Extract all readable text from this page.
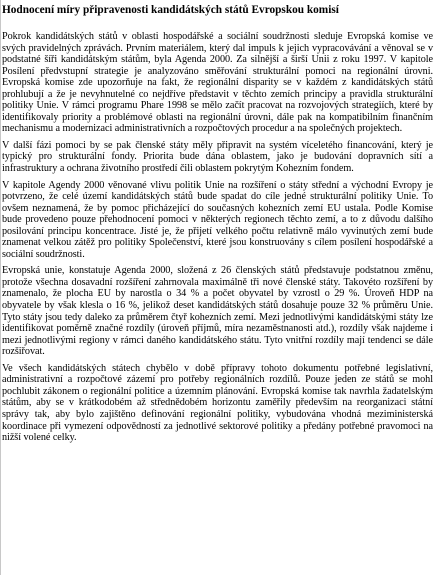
Hodnocení míry připravenosti kandidátských států Evropskou komisí

Pokrok kandidátských států v oblasti hospodářské a sociální soudržnosti sleduje Evropská komise ve svých pravidelných zprávách. Prvním materiálem, který dal impuls k jejich vypracovávání a věnoval se v podstatné šíři kandidátským státům, byla Agenda 2000. Za silnější a širší Unii z roku 1997. V kapitole Posílení předvstupní strategie je analyzováno směřování strukturální pomoci na regionální úrovni. Evropská komise zde upozorňuje na fakt, že regionální disparity se v každém z kandidátských států prohlubují a že je nevyhnutelné co nejdříve představit v těchto zemích principy a pravidla strukturální politiky Unie. V rámci programu Phare 1998 se mělo začít pracovat na rozvojových strategiích, které by identifikovaly priority a problémové oblasti na regionální úrovni, dále pak na kompatibilním finančním mechanismu a modernizaci administrativních a rozpočtových procedur a na společných projektech.

V další fázi pomoci by se pak členské státy měly připravit na systém víceletého financování, který je typický pro strukturální fondy. Priorita bude dána oblastem, jako je budování dopravních sítí a infrastruktury a ochrana životního prostředí čili oblastem pokrytým Kohezním fondem.

V kapitole Agendy 2000 věnované vlivu politik Unie na rozšíření o státy střední a východní Evropy je potvrzeno, že celé území kandidátských států bude spadat do cíle jedné strukturální politiky Unie. To ovšem neznamená, že by pomoc přicházející do současných kohezních zemí EU ustala. Podle Komise bude provedeno pouze přehodnocení pomoci v některých regionech těchto zemí, a to z důvodu dalšího posilování principu koncentrace. Jisté je, že přijetí velkého počtu relativně málo vyvinutých zemí bude znamenat velkou zátěž pro politiky Společenství, které jsou konstruovány s cílem posílení hospodářské a sociální soudržnosti.

Evropská unie, konstatuje Agenda 2000, složená z 26 členských států představuje podstatnou změnu, protože všechna dosavadní rozšíření zahrnovala maximálně tři nové členské státy. Takovéto rozšíření by znamenalo, že plocha EU by narostla o 34 % a počet obyvatel by vzrostl o 29 %. Úroveň HDP na obyvatele by však klesla o 16 %, jelikož deset kandidátských států dosahuje pouze 32 % průměru Unie. Tyto státy jsou tedy daleko za průměrem čtyř kohezních zemí. Mezi jednotlivými kandidátskými státy lze identifikovat poměrně značné rozdíly (úroveň příjmů, míra nezaměstnanosti atd.), rozdíly však najdeme i mezi jednotlivými regiony v rámci daného kandidátského státu. Tyto vnitřní rozdíly mají tendenci se dále rozšiřovat.

Ve všech kandidátských státech chybělo v době přípravy tohoto dokumentu potřebné legislativní, administrativní a rozpočtové zázemí pro potřeby regionálních rozdílů. Pouze jeden ze států se mohl pochlubit zákonem o regionální politice a územním plánování. Evropská komise tak navrhla žadatelským státům, aby se v krátkodobém až střednědobém horizontu zaměřily především na reorganizaci státní správy tak, aby bylo zajištěno definování regionální politiky, vybudována vhodná meziministerská koordinace při vymezení odpovědností za jednotlivé sektorové politiky a předány potřebné pravomoci na nižší volené celky.
